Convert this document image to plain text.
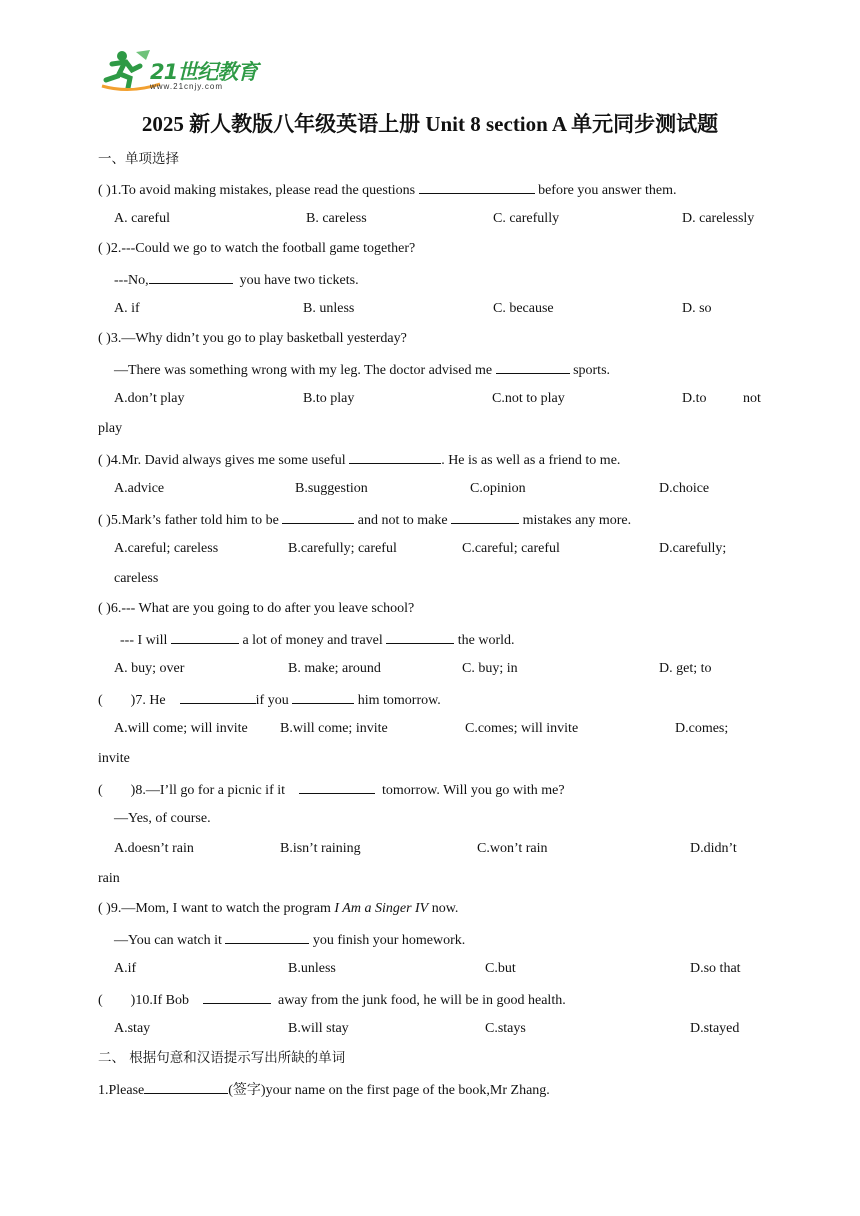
21世纪教育
www.21cnjy.com
2025 新人教版八年级英语上册 Unit 8 section A 单元同步测试题
一、单项选择
( )1.To avoid making mistakes, please read the questions	before you answer them.
A. careful	B. careless	C. carefully	D. carelessly
( )2.---Could we go to watch the football game together?
---No,	you have two tickets.
A. if	B. unless	C. because	D. so
( )3.—Why didn’t you go to play basketball yesterday?
—There was something wrong with my leg. The doctor advised me	sports.
A.don’t play	B.to play	C.not to play	D.to	not
play
( )4.Mr. David always gives me some useful	. He is as well as a friend to me.
A.advice	B.suggestion	C.opinion	D.choice
( )5.Mark’s father told him to be	and not to make	mistakes any more.
A.careful; careless	B.carefully; careful	C.careful; careful	D.carefully;
careless
( )6.--- What are you going to do after you leave school?
--- I will	a lot of money and travel	the world.
A. buy; over	B. make; around	C. buy; in	D. get; to
(        )7. He	if you	him tomorrow.
A.will come; will invite B.will come; invite	C.comes; will invite	D.comes;
invite
(        )8.—I’ll go for a picnic if it	tomorrow. Will you go with me?
—Yes, of course.
A.doesn’t rain	B.isn’t raining	C.won’t rain	D.didn’t
rain
( )9.—Mom, I want to watch the program I Am a Singer IV now.
—You can watch it	you finish your homework.
A.if	B.unless	C.but	D.so that
(        )10.If Bob	away from the junk food, he will be in good health.
A.stay	B.will stay	C.stays	D.stayed
二、 根据句意和汉语提示写出所缺的单词
1.Please	(签字)your name on the first page of the book,Mr Zhang.
